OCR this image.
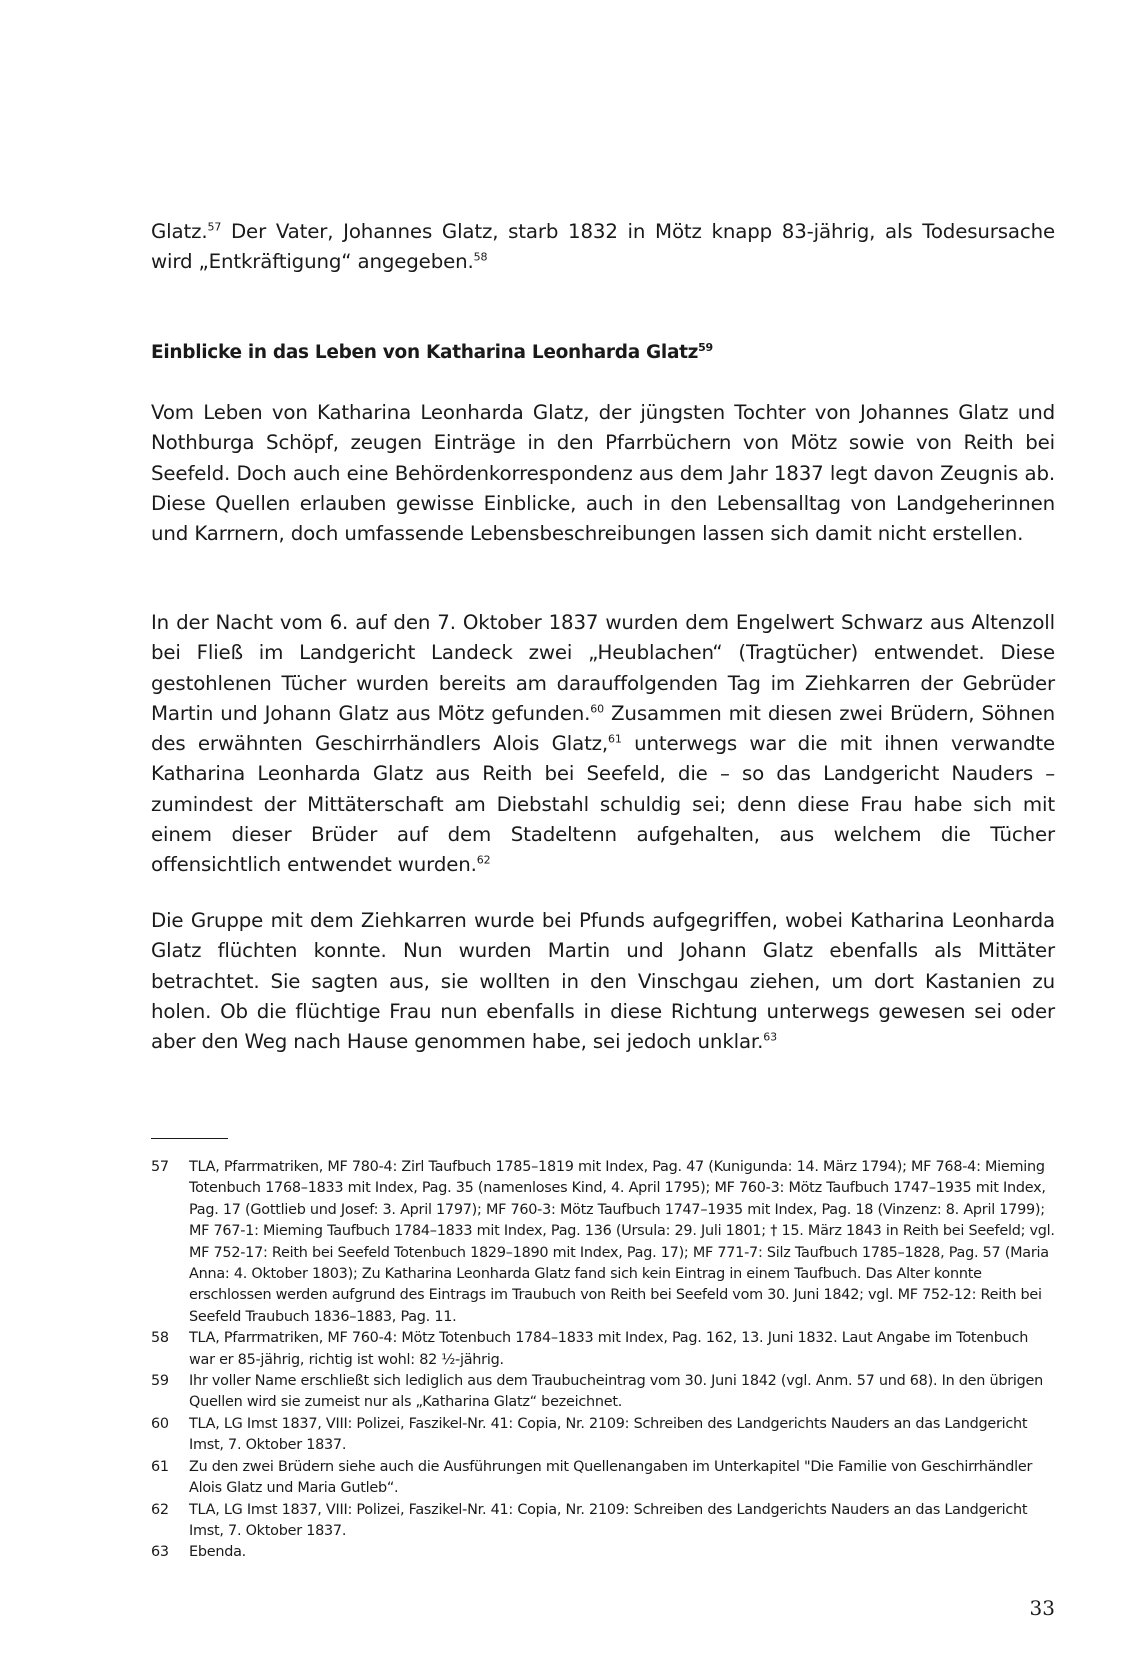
Glatz.$^{57}$ Der Vater, Johannes Glatz, starb 1832 in Mötz knapp 83-jährig, als Todesursache wird „Entkräftigung“ angegeben.$^{58}$

Einblicke in das Leben von Katharina Leonharda Glatz$^{59}$

Vom Leben von Katharina Leonharda Glatz, der jüngsten Tochter von Johannes Glatz und Nothburga Schöpf, zeugen Einträge in den Pfarrbüchern von Mötz sowie von Reith bei Seefeld. Doch auch eine Behördenkorrespondenz aus dem Jahr 1837 legt davon Zeugnis ab. Diese Quellen erlauben gewisse Einblicke, auch in den Lebensalltag von Landgeherinnen und Karrnern, doch umfassende Lebensbeschreibungen lassen sich damit nicht erstellen.

In der Nacht vom 6. auf den 7. Oktober 1837 wurden dem Engelwert Schwarz aus Altenzoll bei Fließ im Landgericht Landeck zwei „Heublachen“ (Tragtücher) entwendet. Diese gestohlenen Tücher wurden bereits am darauffolgenden Tag im Ziehkarren der Gebrüder Martin und Johann Glatz aus Mötz gefunden.$^{60}$ Zusammen mit diesen zwei Brüdern, Söhnen des erwähnten Geschirrhändlers Alois Glatz,$^{61}$ unterwegs war die mit ihnen verwandte Katharina Leonharda Glatz aus Reith bei Seefeld, die – so das Landgericht Nauders – zumindest der Mittäterschaft am Diebstahl schuldig sei; denn diese Frau habe sich mit einem dieser Brüder auf dem Stadeltenn aufgehalten, aus welchem die Tücher offensichtlich entwendet wurden.$^{62}$

Die Gruppe mit dem Ziehkarren wurde bei Pfunds aufgegriffen, wobei Katharina Leonharda Glatz flüchten konnte. Nun wurden Martin und Johann Glatz ebenfalls als Mittäter betrachtet. Sie sagten aus, sie wollten in den Vinschgau ziehen, um dort Kastanien zu holen. Ob die flüchtige Frau nun ebenfalls in diese Richtung unterwegs gewesen sei oder aber den Weg nach Hause genommen habe, sei jedoch unklar.$^{63}$

57	TLA, Pfarrmatriken, MF 780-4: Zirl Taufbuch 1785–1819 mit Index, Pag. 47 (Kunigunda: 14. März 1794); MF 768-4: Mieming Totenbuch 1768–1833 mit Index, Pag. 35 (namenloses Kind, 4. April 1795); MF 760-3: Mötz Taufbuch 1747–1935 mit Index, Pag. 17 (Gottlieb und Josef: 3. April 1797); MF 760-3: Mötz Taufbuch 1747–1935 mit Index, Pag. 18 (Vinzenz: 8. April 1799); MF 767-1: Mieming Taufbuch 1784–1833 mit Index, Pag. 136 (Ursula: 29. Juli 1801; † 15. März 1843 in Reith bei Seefeld; vgl. MF 752-17: Reith bei Seefeld Totenbuch 1829–1890 mit Index, Pag. 17); MF 771-7: Silz Taufbuch 1785–1828, Pag. 57 (Maria Anna: 4. Oktober 1803); Zu Katharina Leonharda Glatz fand sich kein Eintrag in einem Taufbuch. Das Alter konnte erschlossen werden aufgrund des Eintrags im Traubuch von Reith bei Seefeld vom 30. Juni 1842; vgl. MF 752-12: Reith bei Seefeld Traubuch 1836–1883, Pag. 11.
58	TLA, Pfarrmatriken, MF 760-4: Mötz Totenbuch 1784–1833 mit Index, Pag. 162, 13. Juni 1832. Laut Angabe im Totenbuch war er 85-jährig, richtig ist wohl: 82 ½-jährig.
59	Ihr voller Name erschließt sich lediglich aus dem Traubucheintrag vom 30. Juni 1842 (vgl. Anm. 57 und 68). In den übrigen Quellen wird sie zumeist nur als „Katharina Glatz“ bezeichnet.
60	TLA, LG Imst 1837, VIII: Polizei, Faszikel-Nr. 41: Copia, Nr. 2109: Schreiben des Landgerichts Nauders an das Landgericht Imst, 7. Oktober 1837.
61	Zu den zwei Brüdern siehe auch die Ausführungen mit Quellenangaben im Unterkapitel "Die Familie von Geschirrhändler Alois Glatz und Maria Gutleb“.
62	TLA, LG Imst 1837, VIII: Polizei, Faszikel-Nr. 41: Copia, Nr. 2109: Schreiben des Landgerichts Nauders an das Landgericht Imst, 7. Oktober 1837.
63	Ebenda.
33
